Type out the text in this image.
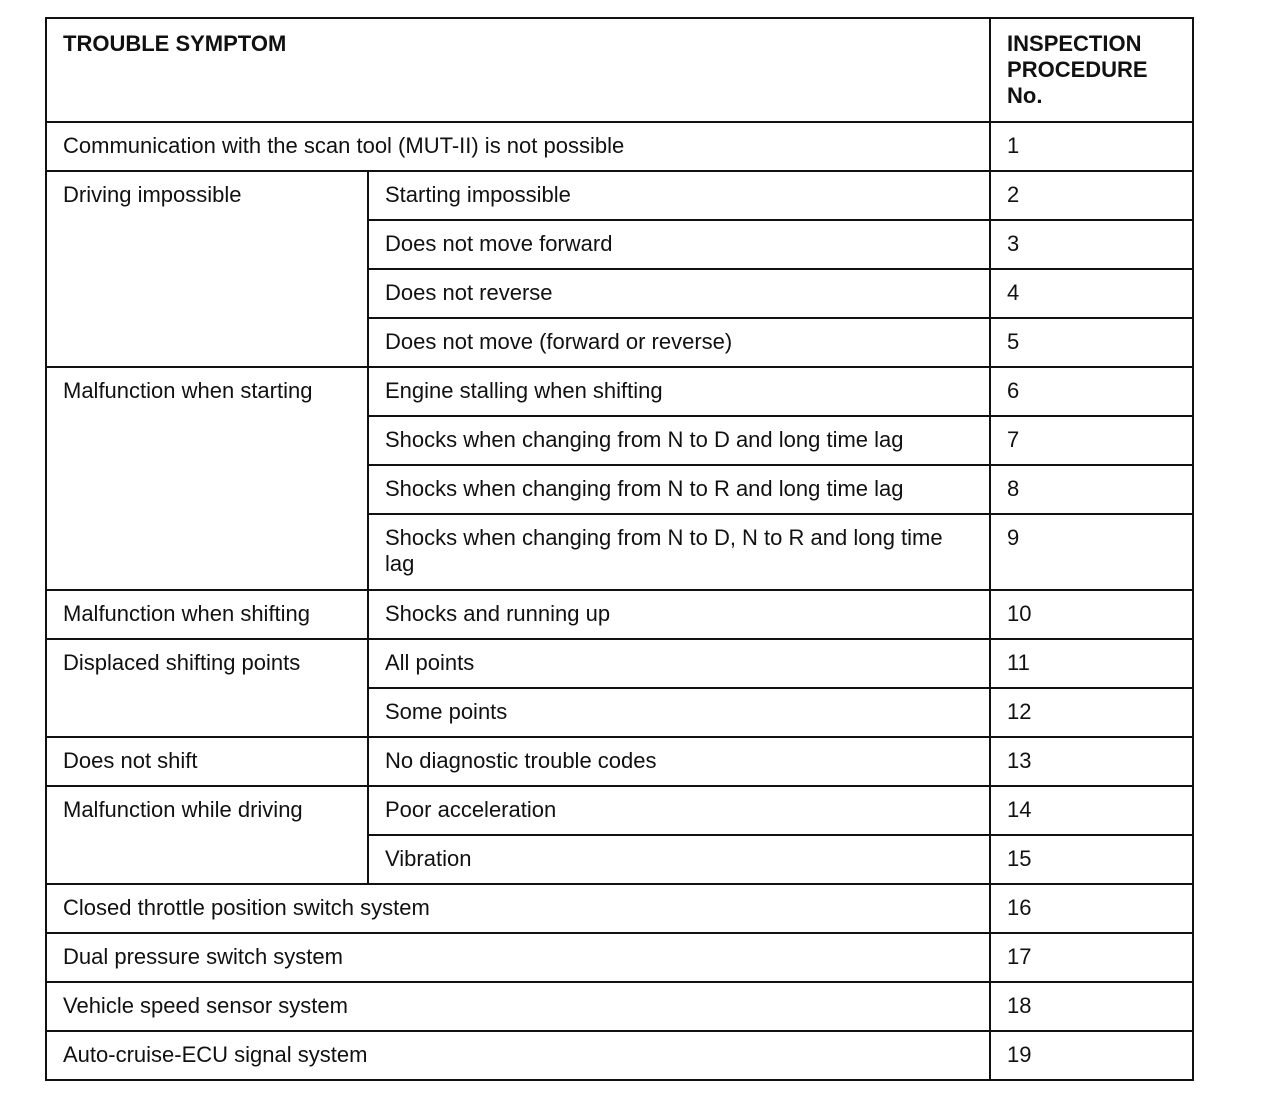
TROUBLE SYMPTOM		INSPECTION
PROCEDURE
No.
Communication with the scan tool (MUT-II) is not possible		1
Driving impossible	Starting impossible	2
	Does not move forward	3
	Does not reverse	4
	Does not move (forward or reverse)	5
Malfunction when starting	Engine stalling when shifting	6
	Shocks when changing from N to D and long time lag	7
	Shocks when changing from N to R and long time lag	8
	Shocks when changing from N to D, N to R and long time lag	9
Malfunction when shifting	Shocks and running up	10
Displaced shifting points	All points	11
	Some points	12
Does not shift	No diagnostic trouble codes	13
Malfunction while driving	Poor acceleration	14
	Vibration	15
Closed throttle position switch system		16
Dual pressure switch system		17
Vehicle speed sensor system		18
Auto-cruise-ECU signal system		19
